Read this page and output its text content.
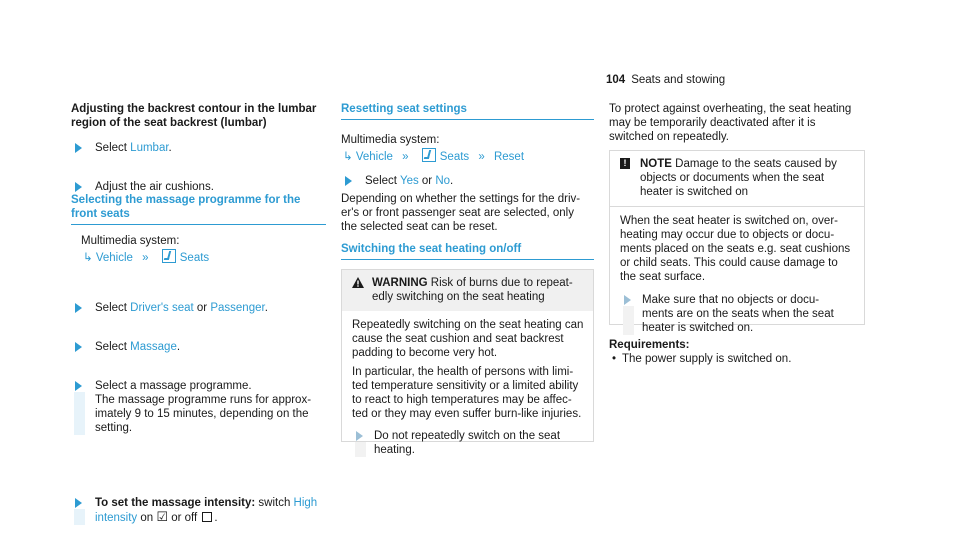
104 Seats and stowing
Adjusting the backrest contour in the lumbar region of the seat backrest (lumbar)
Select Lumbar.
Adjust the air cushions.
Selecting the massage programme for the front seats
Multimedia system:
↳ Vehicle »	Seats
Select Driver's seat or Passenger.
Select Massage.
Select a massage programme.
The massage programme runs for approx-
imately 9 to 15 minutes, depending on the
setting.
To set the massage intensity: switch High
intensity on ☑ or off .
Resetting seat settings
Multimedia system:
↳ Vehicle »	Seats » Reset
Select Yes or No.
Depending on whether the settings for the driv-
er's or front passenger seat are selected, only
the selected seat can be reset.
Switching the seat heating on/off
WARNING Risk of burns due to repeat-
edly switching on the seat heating
Repeatedly switching on the seat heating can
cause the seat cushion and seat backrest
padding to become very hot.
In particular, the health of persons with limi-
ted temperature sensitivity or a limited ability
to react to high temperatures may be affec-
ted or they may even suffer burn-like injuries.
Do not repeatedly switch on the seat
heating.
To protect against overheating, the seat heating
may be temporarily deactivated after it is
switched on repeatedly.
!	NOTE Damage to the seats caused by
objects or documents when the seat
heater is switched on
When the seat heater is switched on, over-
heating may occur due to objects or docu-
ments placed on the seats e.g. seat cushions
or child seats. This could cause damage to
the seat surface.
Make sure that no objects or docu-
ments are on the seats when the seat
heater is switched on.
Requirements:
• The power supply is switched on.
